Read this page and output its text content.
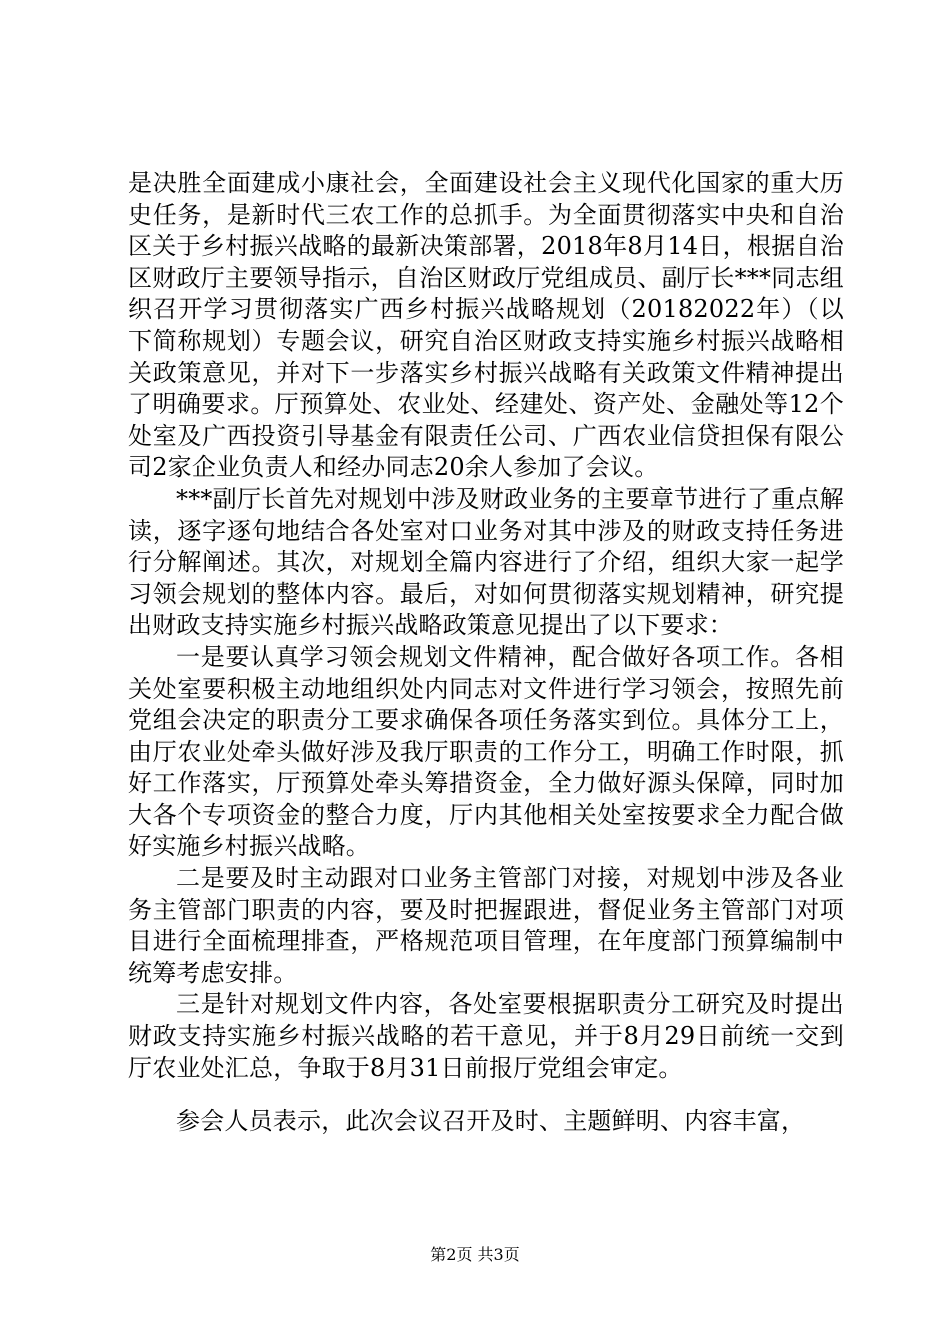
是决胜全面建成小康社会，全面建设社会主义现代化国家的重大历史任务，是新时代三农工作的总抓手。为全面贯彻落实中央和自治区关于乡村振兴战略的最新决策部署，2018年8月14日，根据自治区财政厅主要领导指示，自治区财政厅党组成员、副厅长***同志组织召开学习贯彻落实广西乡村振兴战略规划（20182022年）（以下简称规划）专题会议，研究自治区财政支持实施乡村振兴战略相关政策意见，并对下一步落实乡村振兴战略有关政策文件精神提出了明确要求。厅预算处、农业处、经建处、资产处、金融处等12个处室及广西投资引导基金有限责任公司、广西农业信贷担保有限公司2家企业负责人和经办同志20余人参加了会议。

***副厅长首先对规划中涉及财政业务的主要章节进行了重点解读，逐字逐句地结合各处室对口业务对其中涉及的财政支持任务进行分解阐述。其次，对规划全篇内容进行了介绍，组织大家一起学习领会规划的整体内容。最后，对如何贯彻落实规划精神，研究提出财政支持实施乡村振兴战略政策意见提出了以下要求：

一是要认真学习领会规划文件精神，配合做好各项工作。各相关处室要积极主动地组织处内同志对文件进行学习领会，按照先前党组会决定的职责分工要求确保各项任务落实到位。具体分工上，由厅农业处牵头做好涉及我厅职责的工作分工，明确工作时限，抓好工作落实，厅预算处牵头筹措资金，全力做好源头保障，同时加大各个专项资金的整合力度，厅内其他相关处室按要求全力配合做好实施乡村振兴战略。

二是要及时主动跟对口业务主管部门对接，对规划中涉及各业务主管部门职责的内容，要及时把握跟进，督促业务主管部门对项目进行全面梳理排查，严格规范项目管理，在年度部门预算编制中统筹考虑安排。

三是针对规划文件内容，各处室要根据职责分工研究及时提出财政支持实施乡村振兴战略的若干意见，并于8月29日前统一交到厅农业处汇总，争取于8月31日前报厅党组会审定。

参会人员表示，此次会议召开及时、主题鲜明、内容丰富，

第2页 共3页
